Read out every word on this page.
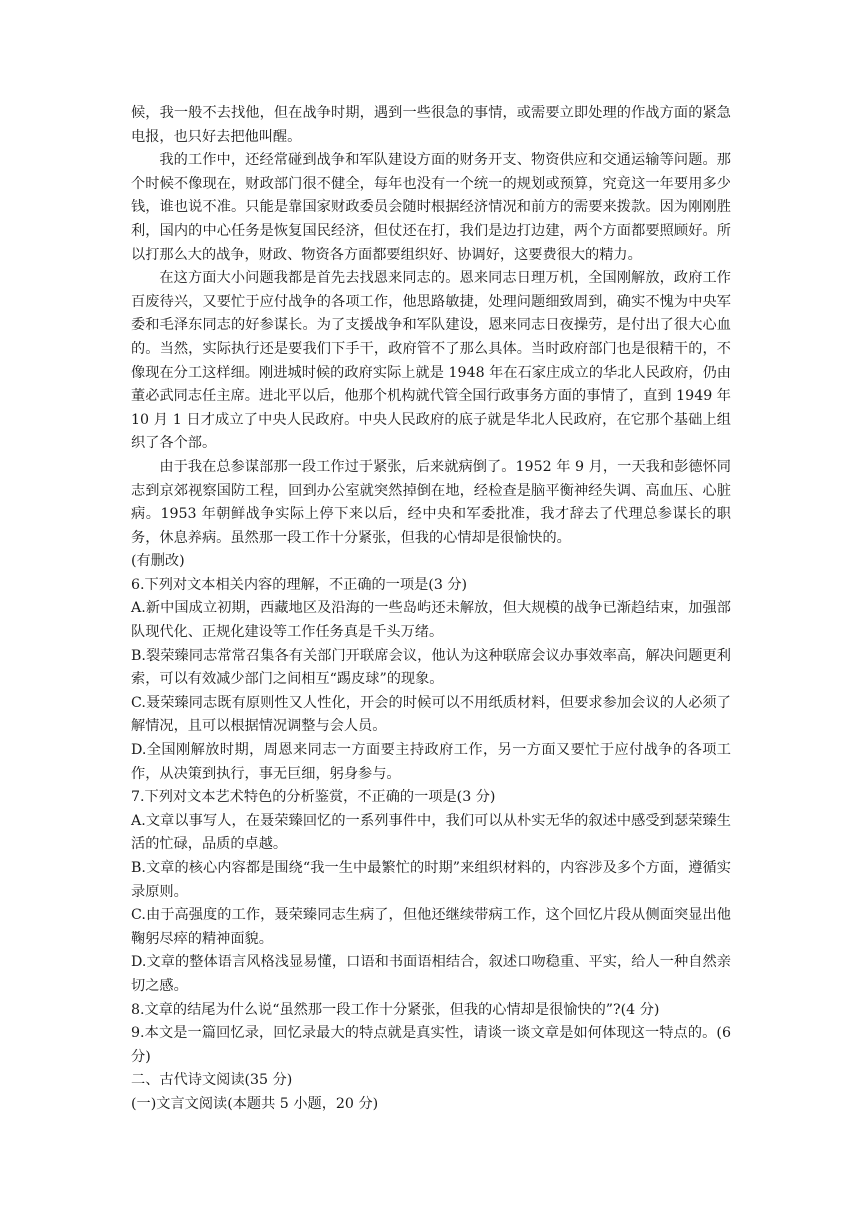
候，我一般不去找他，但在战争时期，遇到一些很急的事情，或需要立即处理的作战方面的紧急电报，也只好去把他叫醒。

我的工作中，还经常碰到战争和军队建设方面的财务开支、物资供应和交通运输等问题。那个时候不像现在，财政部门很不健全，每年也没有一个统一的规划或预算，究竟这一年要用多少钱，谁也说不准。只能是靠国家财政委员会随时根据经济情况和前方的需要来拨款。因为刚刚胜利，国内的中心任务是恢复国民经济，但仗还在打，我们是边打边建，两个方面都要照顾好。所以打那么大的战争，财政、物资各方面都要组织好、协调好，这要费很大的精力。

在这方面大小问题我都是首先去找恩来同志的。恩来同志日理万机，全国刚解放，政府工作百废待兴，又要忙于应付战争的各项工作，他思路敏捷，处理问题细致周到，确实不愧为中央军委和毛泽东同志的好参谋长。为了支援战争和军队建设，恩来同志日夜操劳，是付出了很大心血的。当然，实际执行还是要我们下手干，政府管不了那么具体。当时政府部门也是很精干的，不像现在分工这样细。刚进城时候的政府实际上就是 1948 年在石家庄成立的华北人民政府，仍由董必武同志任主席。进北平以后，他那个机构就代管全国行政事务方面的事情了，直到 1949 年 10 月 1 日才成立了中央人民政府。中央人民政府的底子就是华北人民政府，在它那个基础上组织了各个部。

由于我在总参谋部那一段工作过于紧张，后来就病倒了。1952 年 9 月，一天我和彭德怀同志到京郊视察国防工程，回到办公室就突然掉倒在地，经检查是脑平衡神经失调、高血压、心脏病。1953 年朝鲜战争实际上停下来以后，经中央和军委批准，我才辞去了代理总参谋长的职务，休息养病。虽然那一段工作十分紧张，但我的心情却是很愉快的。

(有删改)

6.下列对文本相关内容的理解，不正确的一项是(3 分)

A.新中国成立初期，西藏地区及沿海的一些岛屿还未解放，但大规模的战争已渐趋结束，加强部队现代化、正规化建设等工作任务真是千头万绪。

B.裂荣臻同志常常召集各有关部门开联席会议，他认为这种联席会议办事效率高，解决问题更利索，可以有效减少部门之间相互“踢皮球”的现象。

C.聂荣臻同志既有原则性又人性化，开会的时候可以不用纸质材料，但要求参加会议的人必须了解情况，且可以根据情况调整与会人员。

D.全国刚解放时期，周恩来同志一方面要主持政府工作，另一方面又要忙于应付战争的各项工作，从决策到执行，事无巨细，躬身参与。

7.下列对文本艺术特色的分析鉴赏，不正确的一项是(3 分)

A.文章以事写人，在聂荣臻回忆的一系列事件中，我们可以从朴实无华的叙述中感受到瑟荣臻生活的忙碌，品质的卓越。

B.文章的核心内容都是围绕“我一生中最繁忙的时期”来组织材料的，内容涉及多个方面，遵循实录原则。

C.由于高强度的工作，聂荣臻同志生病了，但他还继续带病工作，这个回忆片段从侧面突显出他鞠躬尽瘁的精神面貌。

D.文章的整体语言风格浅显易懂，口语和书面语相结合，叙述口吻稳重、平实，给人一种自然亲切之感。

8.文章的结尾为什么说“虽然那一段工作十分紧张，但我的心情却是很愉快的”?(4 分)

9.本文是一篇回忆录，回忆录最大的特点就是真实性，请谈一谈文章是如何体现这一特点的。(6 分)

二、古代诗文阅读(35 分)

(一)文言文阅读(本题共 5 小题，20 分)
